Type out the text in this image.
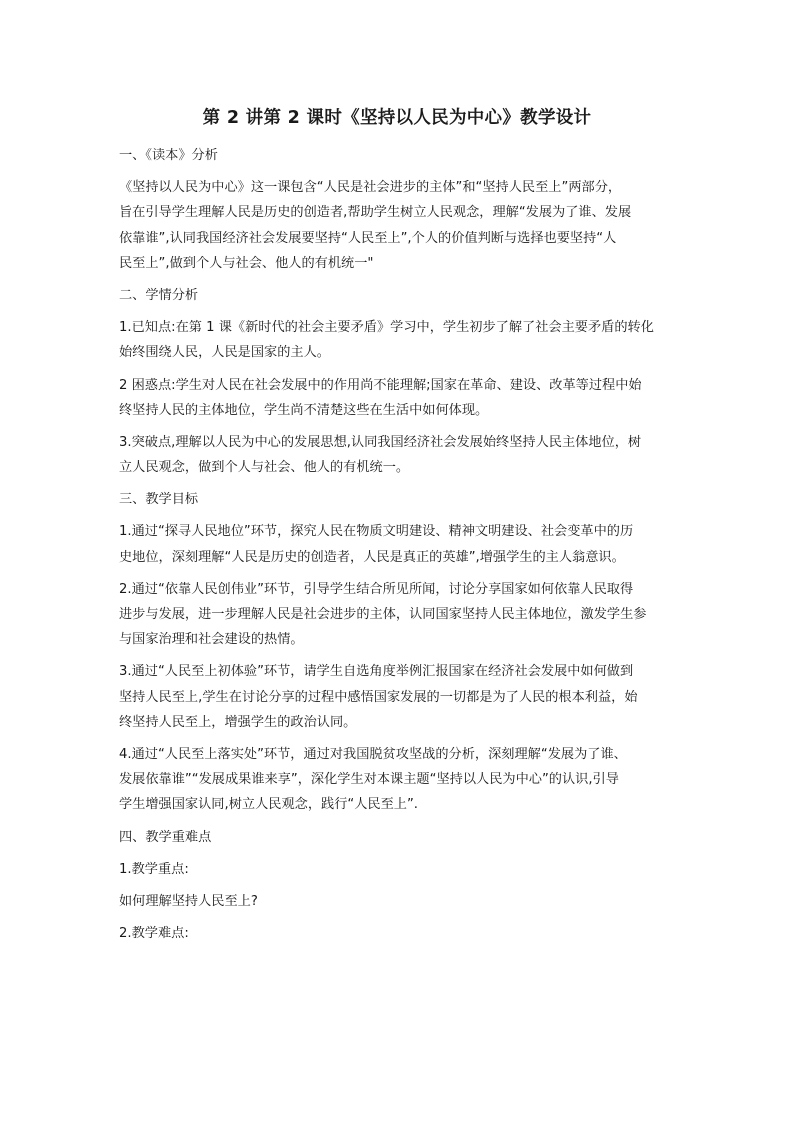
第 2 讲第 2 课时《坚持以人民为中心》教学设计
一、《读本》分析
《坚持以人民为中心》这一课包含“人民是社会进步的主体”和“坚持人民至上”两部分，
旨在引导学生理解人民是历史的创造者,帮助学生树立人民观念，理解“发展为了谁、发展
依靠谁”,认同我国经济社会发展要坚持“人民至上”,个人的价值判断与选择也要坚持“人
民至上”,做到个人与社会、他人的有机统一"
二、学情分析
1.已知点:在第 1 课《新时代的社会主要矛盾》学习中，学生初步了解了社会主要矛盾的转化
始终围绕人民，人民是国家的主人。
2 困惑点:学生对人民在社会发展中的作用尚不能理解;国家在革命、建设、改革等过程中始
终坚持人民的主体地位，学生尚不清楚这些在生活中如何体现。
3.突破点,理解以人民为中心的发展思想,认同我国经济社会发展始终坚持人民主体地位，树
立人民观念，做到个人与社会、他人的有机统一。
三、教学目标
1.通过“探寻人民地位”环节，探究人民在物质文明建设、精神文明建设、社会变革中的历
史地位，深刻理解“人民是历史的创造者，人民是真正的英雄”,增强学生的主人翁意识。
2.通过“依靠人民创伟业”环节，引导学生结合所见所闻，讨论分享国家如何依靠人民取得
进步与发展，进一步理解人民是社会进步的主体，认同国家坚持人民主体地位，激发学生参
与国家治理和社会建设的热情。
3.通过“人民至上初体验”环节，请学生自选角度举例汇报国家在经济社会发展中如何做到
坚持人民至上,学生在讨论分享的过程中感悟国家发展的一切都是为了人民的根本利益，始
终坚持人民至上，增强学生的政治认同。
4.通过“人民至上落实处”环节，通过对我国脱贫攻坚战的分析，深刻理解“发展为了谁、
发展依靠谁”“发展成果谁来享”，深化学生对本课主题“坚持以人民为中心”的认识,引导
学生增强国家认同,树立人民观念，践行“人民至上”.
四、教学重难点
1.教学重点:
如何理解坚持人民至上?
2.教学难点:
